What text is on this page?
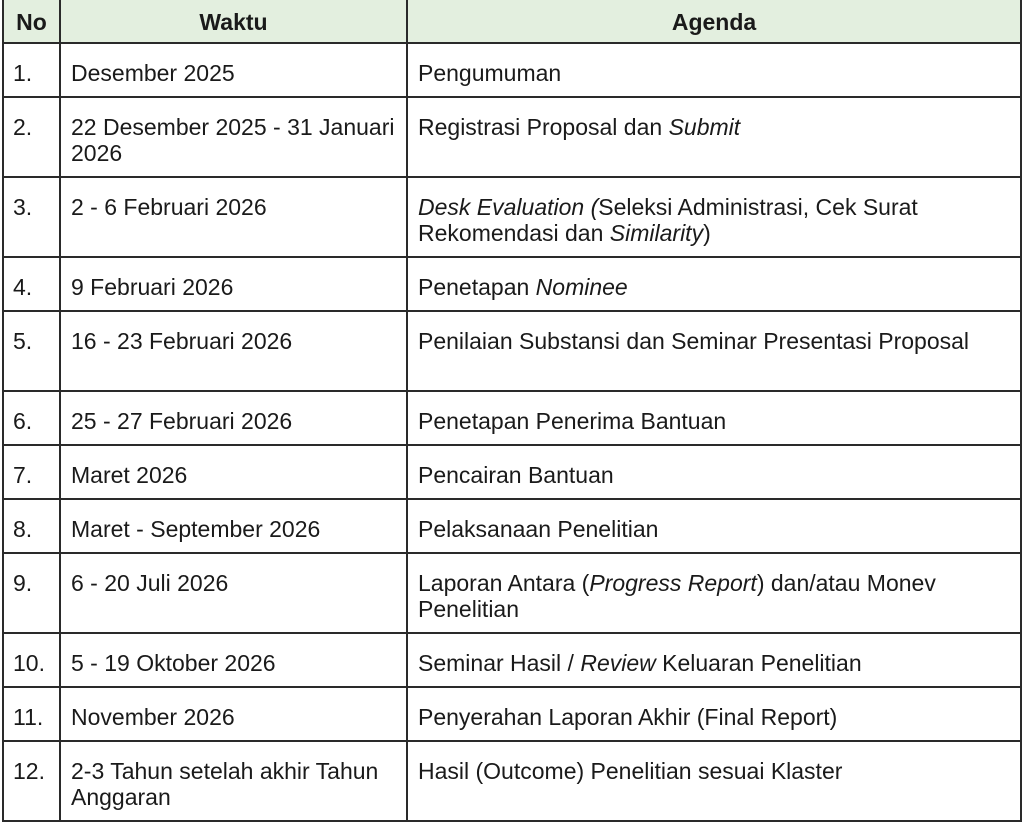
No	Waktu	Agenda
1.	Desember 2025	Pengumuman
2.	22 Desember 2025 - 31 Januari 2026	Registrasi Proposal dan Submit
3.	2 - 6 Februari 2026	Desk Evaluation (Seleksi Administrasi, Cek Surat Rekomendasi dan Similarity)
4.	9 Februari 2026	Penetapan Nominee
5.	16 - 23 Februari 2026	Penilaian Substansi dan Seminar Presentasi Proposal
6.	25 - 27 Februari 2026	Penetapan Penerima Bantuan
7.	Maret 2026	Pencairan Bantuan
8.	Maret - September 2026	Pelaksanaan Penelitian
9.	6 - 20 Juli 2026	Laporan Antara (Progress Report) dan/atau Monev Penelitian
10.	5 - 19 Oktober 2026	Seminar Hasil / Review Keluaran Penelitian
11.	November 2026	Penyerahan Laporan Akhir (Final Report)
12.	2-3 Tahun setelah akhir Tahun Anggaran	Hasil (Outcome) Penelitian sesuai Klaster
